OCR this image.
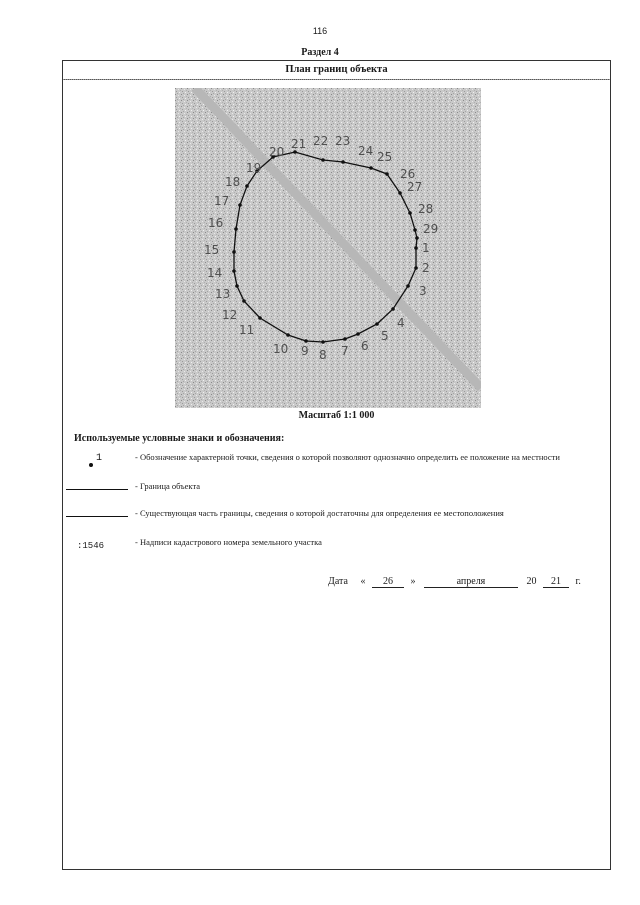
116
Раздел 4
План границ объекта
1
2
3
4
5
6
7
8
9
10
11
12
13
14
15
16
17
18
19
20
21 22 23
24 25
26
27
28
29
Масштаб 1:1 000
Используемые условные знаки и обозначения:
1	- Обозначение характерной точки, сведения о которой позволяют однозначно определить ее положение на местности
- Граница объекта
- Существующая часть границы, сведения о которой достаточны для определения ее местоположения
:1546	- Надписи кадастрового номера земельного участка
Дата « 26 »	апреля	20 21 г.
